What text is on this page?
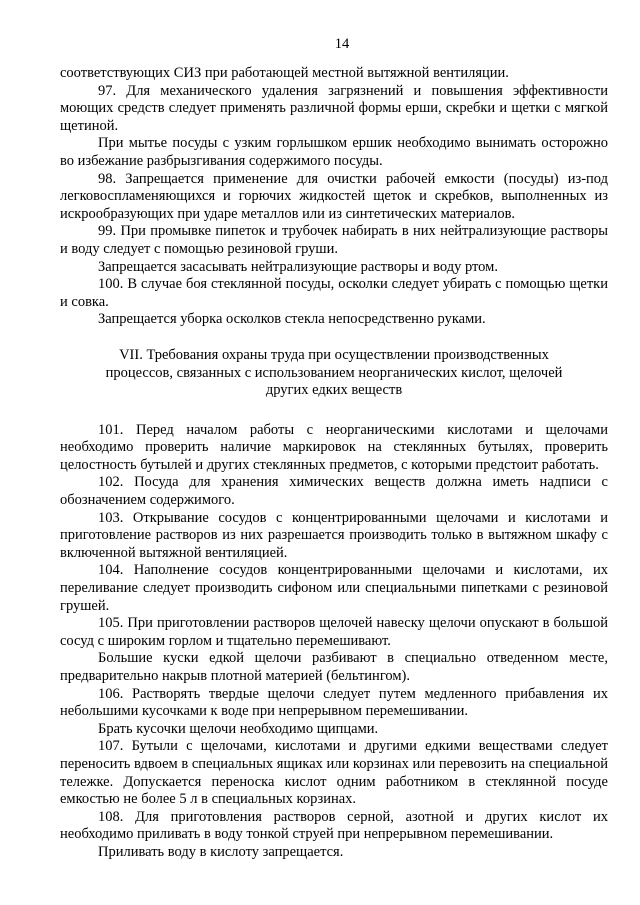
14

соответствующих СИЗ при работающей местной вытяжной вентиляции.

97. Для механического удаления загрязнений и повышения эффективности моющих средств следует применять различной формы ерши, скребки и щетки с мягкой щетиной.

При мытье посуды с узким горлышком ершик необходимо вынимать осторожно во избежание разбрызгивания содержимого посуды.

98. Запрещается применение для очистки рабочей емкости (посуды) из-под легковоспламеняющихся и горючих жидкостей щеток и скребков, выполненных из искрообразующих при ударе металлов или из синтетических материалов.

99. При промывке пипеток и трубочек набирать в них нейтрализующие растворы и воду следует с помощью резиновой груши.

Запрещается засасывать нейтрализующие растворы и воду ртом.

100. В случае боя стеклянной посуды, осколки следует убирать с помощью щетки и совка.

Запрещается уборка осколков стекла непосредственно руками.

VII. Требования охраны труда при осуществлении производственных
процессов, связанных с использованием неорганических кислот, щелочей
других едких веществ

101. Перед началом работы с неорганическими кислотами и щелочами необходимо проверить наличие маркировок на стеклянных бутылях, проверить целостность бутылей и других стеклянных предметов, с которыми предстоит работать.

102. Посуда для хранения химических веществ должна иметь надписи с обозначением содержимого.

103. Открывание сосудов с концентрированными щелочами и кислотами и приготовление растворов из них разрешается производить только в вытяжном шкафу с включенной вытяжной вентиляцией.

104. Наполнение сосудов концентрированными щелочами и кислотами, их переливание следует производить сифоном или специальными пипетками с резиновой грушей.

105. При приготовлении растворов щелочей навеску щелочи опускают в большой сосуд с широким горлом и тщательно перемешивают.

Большие куски едкой щелочи разбивают в специально отведенном месте, предварительно накрыв плотной материей (бельтингом).

106. Растворять твердые щелочи следует путем медленного прибавления их небольшими кусочками к воде при непрерывном перемешивании.

Брать кусочки щелочи необходимо щипцами.

107. Бутыли с щелочами, кислотами и другими едкими веществами следует переносить вдвоем в специальных ящиках или корзинах или перевозить на специальной тележке. Допускается переноска кислот одним работником в стеклянной посуде емкостью не более 5 л в специальных корзинах.

108. Для приготовления растворов серной, азотной и других кислот их необходимо приливать в воду тонкой струей при непрерывном перемешивании.

Приливать воду в кислоту запрещается.
